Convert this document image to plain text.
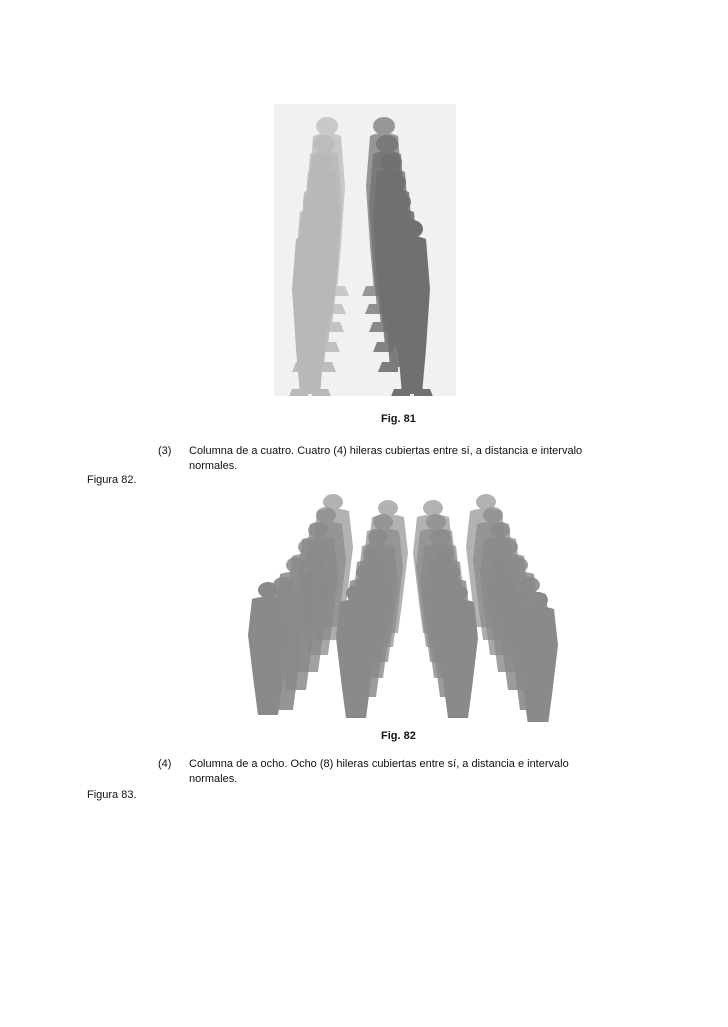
Fig. 81
(3) Columna de a cuatro. Cuatro (4) hileras cubiertas entre sí, a distancia e intervalo
normales.
Figura 82.
Fig. 82
(4) Columna de a ocho. Ocho (8) hileras cubiertas entre sí, a distancia e intervalo
normales.
Figura 83.
